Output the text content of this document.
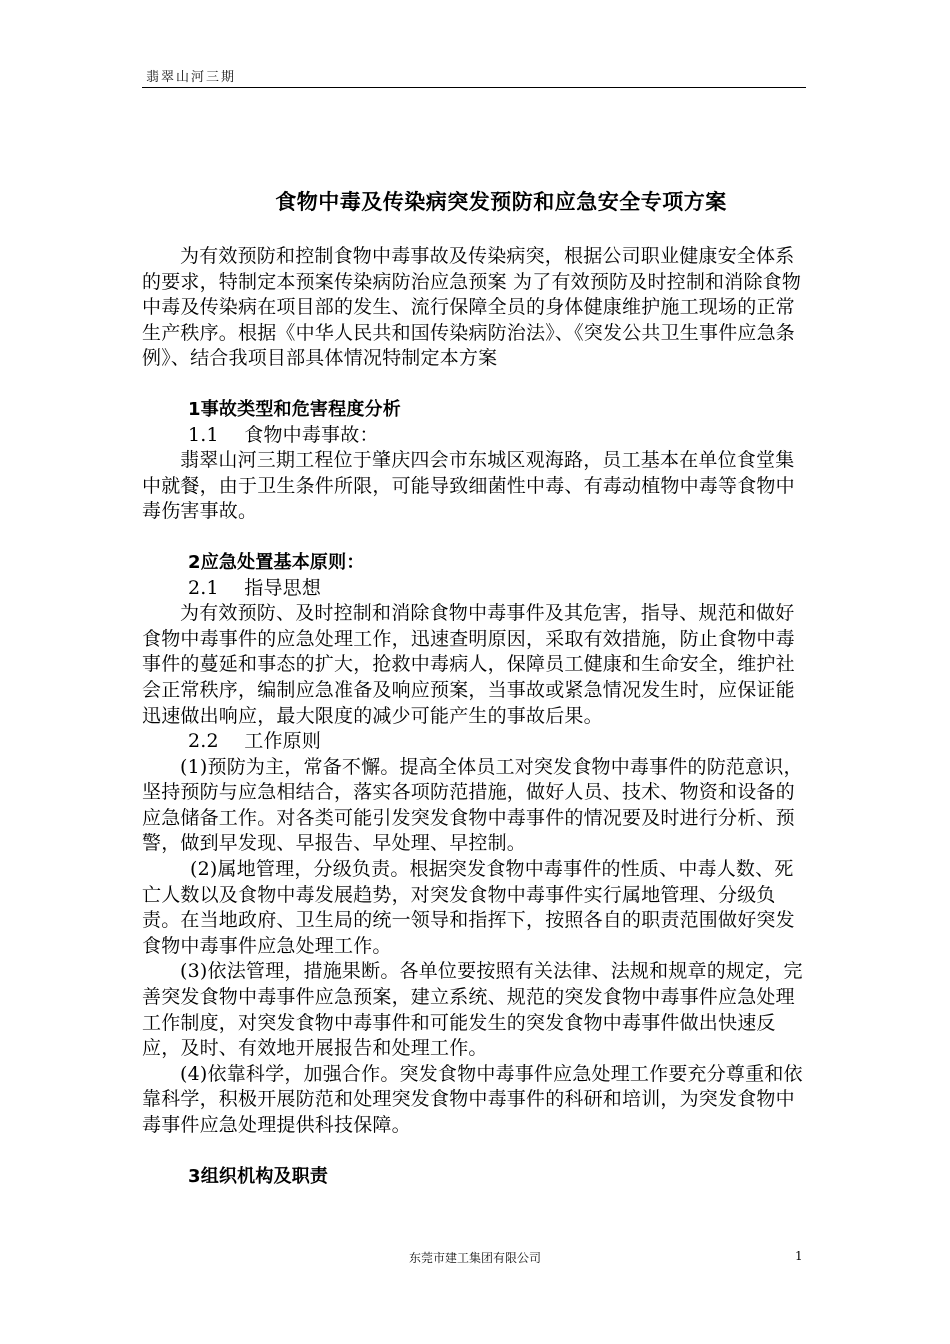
翡翠山河三期
食物中毒及传染病突发预防和应急安全专项方案

为有效预防和控制食物中毒事故及传染病突，根据公司职业健康安全体系的要求，特制定本预案传染病防治应急预案 为了有效预防及时控制和消除食物中毒及传染病在项目部的发生、流行保障全员的身体健康维护施工现场的正常生产秩序。根据《中华人民共和国传染病防治法》、《突发公共卫生事件应急条例》、结合我项目部具体情况特制定本方案

1事故类型和危害程度分析

1.1　 食物中毒事故：

翡翠山河三期工程位于肇庆四会市东城区观海路，员工基本在单位食堂集中就餐，由于卫生条件所限，可能导致细菌性中毒、有毒动植物中毒等食物中毒伤害事故。

2应急处置基本原则：

2.1　 指导思想

为有效预防、及时控制和消除食物中毒事件及其危害，指导、规范和做好食物中毒事件的应急处理工作，迅速查明原因，采取有效措施，防止食物中毒事件的蔓延和事态的扩大，抢救中毒病人，保障员工健康和生命安全，维护社会正常秩序，编制应急准备及响应预案，当事故或紧急情况发生时，应保证能迅速做出响应，最大限度的减少可能产生的事故后果。

2.2　 工作原则

(1)预防为主，常备不懈。提高全体员工对突发食物中毒事件的防范意识，坚持预防与应急相结合，落实各项防范措施，做好人员、技术、物资和设备的应急储备工作。对各类可能引发突发食物中毒事件的情况要及时进行分析、预警，做到早发现、早报告、早处理、早控制。

(2)属地管理，分级负责。根据突发食物中毒事件的性质、中毒人数、死亡人数以及食物中毒发展趋势，对突发食物中毒事件实行属地管理、分级负责。在当地政府、卫生局的统一领导和指挥下，按照各自的职责范围做好突发食物中毒事件应急处理工作。

(3)依法管理，措施果断。各单位要按照有关法律、法规和规章的规定，完善突发食物中毒事件应急预案，建立系统、规范的突发食物中毒事件应急处理工作制度，对突发食物中毒事件和可能发生的突发食物中毒事件做出快速反应，及时、有效地开展报告和处理工作。

(4)依靠科学，加强合作。突发食物中毒事件应急处理工作要充分尊重和依靠科学，积极开展防范和处理突发食物中毒事件的科研和培训，为突发食物中毒事件应急处理提供科技保障。

3组织机构及职责

东莞市建工集团有限公司	1
